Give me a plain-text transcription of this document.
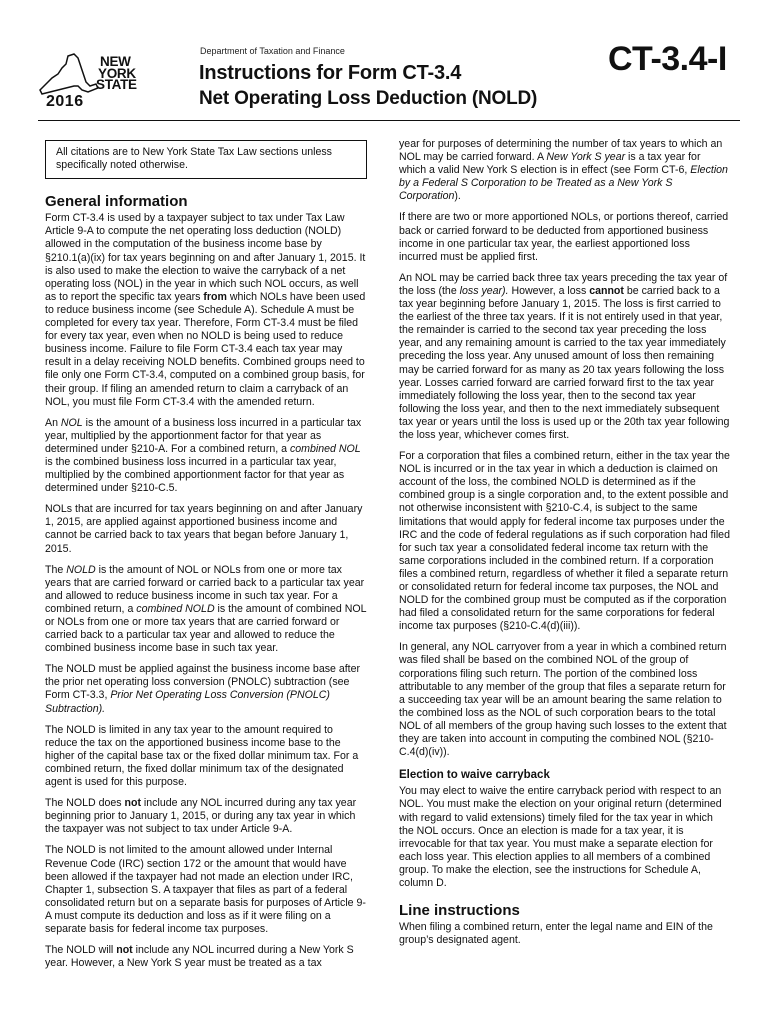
NEW
YORK
STATE
2016
Department of Taxation and Finance
Instructions for Form CT-3.4
Net Operating Loss Deduction (NOLD)
CT-3.4-I
All citations are to New York State Tax Law sections unless specifically noted otherwise.
General information

Form CT-3.4 is used by a taxpayer subject to tax under Tax Law Article 9-A to compute the net operating loss deduction (NOLD) allowed in the computation of the business income base by §210.1(a)(ix) for tax years beginning on and after January 1, 2015. It is also used to make the election to waive the carryback of a net operating loss (NOL) in the year in which such NOL occurs, as well as to report the specific tax years from which NOLs have been used to reduce business income (see Schedule A). Schedule A must be completed for every tax year. Therefore, Form CT-3.4 must be filed for every tax year, even when no NOLD is being used to reduce business income. Failure to file Form CT-3.4 each tax year may result in a delay receiving NOLD benefits. Combined groups need to file only one Form CT-3.4, computed on a combined group basis, for their group. If filing an amended return to claim a carryback of an NOL, you must file Form CT-3.4 with the amended return.

An NOL is the amount of a business loss incurred in a particular tax year, multiplied by the apportionment factor for that year as determined under §210-A. For a combined return, a combined NOL is the combined business loss incurred in a particular tax year, multiplied by the combined apportionment factor for that year as determined under §210-C.5.

NOLs that are incurred for tax years beginning on and after January 1, 2015, are applied against apportioned business income and cannot be carried back to tax years that began before January 1, 2015.

The NOLD is the amount of NOL or NOLs from one or more tax years that are carried forward or carried back to a particular tax year and allowed to reduce business income in such tax year. For a combined return, a combined NOLD is the amount of combined NOL or NOLs from one or more tax years that are carried forward or carried back to a particular tax year and allowed to reduce the combined business income base in such tax year.

The NOLD must be applied against the business income base after the prior net operating loss conversion (PNOLC) subtraction (see Form CT-3.3, Prior Net Operating Loss Conversion (PNOLC) Subtraction).

The NOLD is limited in any tax year to the amount required to reduce the tax on the apportioned business income base to the higher of the capital base tax or the fixed dollar minimum tax. For a combined return, the fixed dollar minimum tax of the designated agent is used for this purpose.

The NOLD does not include any NOL incurred during any tax year beginning prior to January 1, 2015, or during any tax year in which the taxpayer was not subject to tax under Article 9-A.

The NOLD is not limited to the amount allowed under Internal Revenue Code (IRC) section 172 or the amount that would have been allowed if the taxpayer had not made an election under IRC, Chapter 1, subsection S. A taxpayer that files as part of a federal consolidated return but on a separate basis for purposes of Article 9-A must compute its deduction and loss as if it were filing on a separate basis for federal income tax purposes.

The NOLD will not include any NOL incurred during a New York S year. However, a New York S year must be treated as a tax

year for purposes of determining the number of tax years to which an NOL may be carried forward. A New York S year is a tax year for which a valid New York S election is in effect (see Form CT-6, Election by a Federal S Corporation to be Treated as a New York S Corporation).

If there are two or more apportioned NOLs, or portions thereof, carried back or carried forward to be deducted from apportioned business income in one particular tax year, the earliest apportioned loss incurred must be applied first.

An NOL may be carried back three tax years preceding the tax year of the loss (the loss year). However, a loss cannot be carried back to a tax year beginning before January 1, 2015. The loss is first carried to the earliest of the three tax years. If it is not entirely used in that year, the remainder is carried to the second tax year preceding the loss year, and any remaining amount is carried to the tax year immediately preceding the loss year. Any unused amount of loss then remaining may be carried forward for as many as 20 tax years following the loss year. Losses carried forward are carried forward first to the tax year immediately following the loss year, then to the second tax year following the loss year, and then to the next immediately subsequent tax year or years until the loss is used up or the 20th tax year following the loss year, whichever comes first.

For a corporation that files a combined return, either in the tax year the NOL is incurred or in the tax year in which a deduction is claimed on account of the loss, the combined NOLD is determined as if the combined group is a single corporation and, to the extent possible and not otherwise inconsistent with §210-C.4, is subject to the same limitations that would apply for federal income tax purposes under the IRC and the code of federal regulations as if such corporation had filed for such tax year a consolidated federal income tax return with the same corporations included in the combined return. If a corporation files a combined return, regardless of whether it filed a separate return or consolidated return for federal income tax purposes, the NOL and NOLD for the combined group must be computed as if the corporation had filed a consolidated return for the same corporations for federal income tax purposes (§210-C.4(d)(iii)).

In general, any NOL carryover from a year in which a combined return was filed shall be based on the combined NOL of the group of corporations filing such return. The portion of the combined loss attributable to any member of the group that files a separate return for a succeeding tax year will be an amount bearing the same relation to the combined loss as the NOL of such corporation bears to the total NOL of all members of the group having such losses to the extent that they are taken into account in computing the combined NOL (§210-C.4(d)(iv)).

Election to waive carryback

You may elect to waive the entire carryback period with respect to an NOL. You must make the election on your original return (determined with regard to valid extensions) timely filed for the tax year in which the NOL occurs. Once an election is made for a tax year, it is irrevocable for that tax year. You must make a separate election for each loss year. This election applies to all members of a combined group. To make the election, see the instructions for Schedule A, column D.

Line instructions

When filing a combined return, enter the legal name and EIN of the group’s designated agent.
